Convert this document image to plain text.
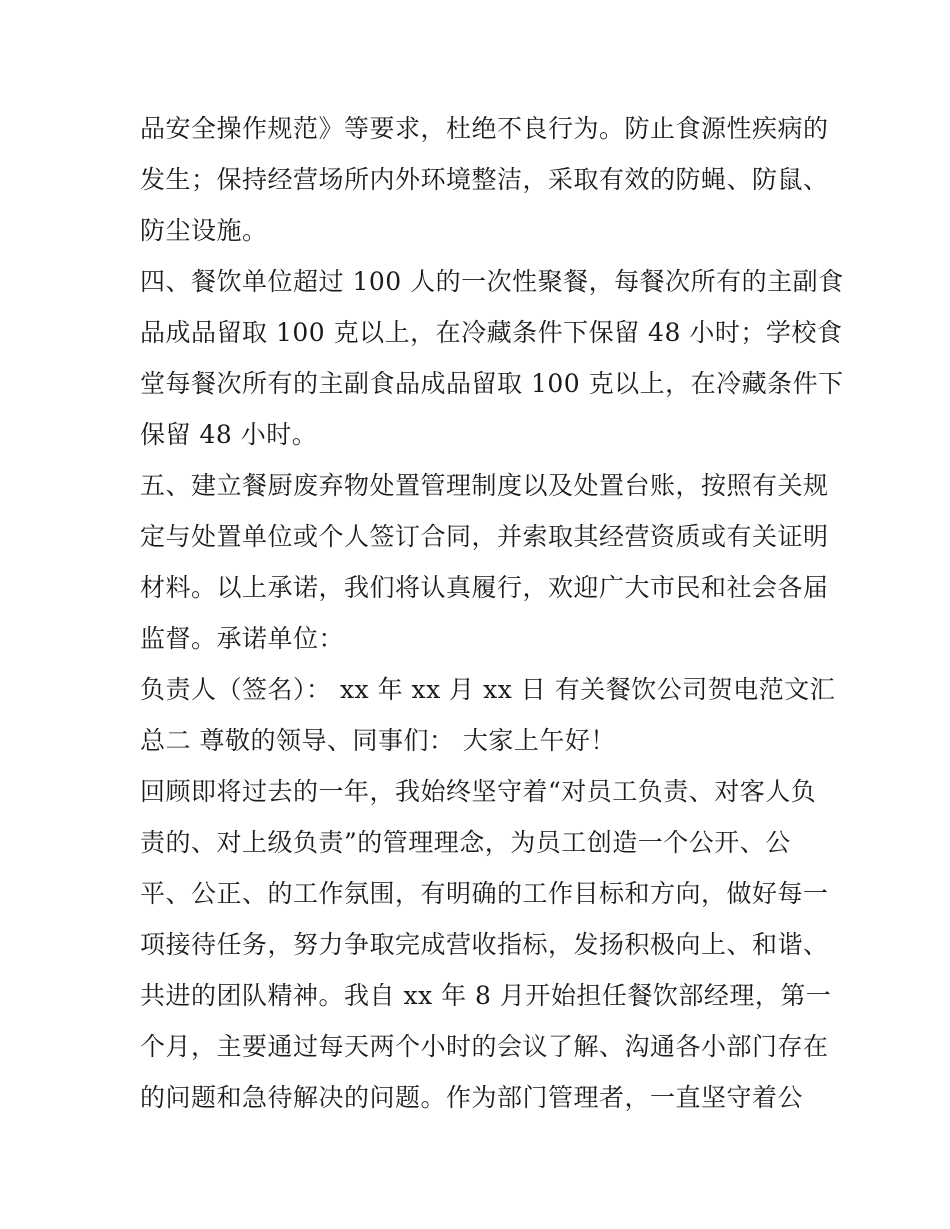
品安全操作规范》等要求，杜绝不良行为。防止食源性疾病的
发生；保持经营场所内外环境整洁，采取有效的防蝇、防鼠、
防尘设施。
四、餐饮单位超过 100 人的一次性聚餐，每餐次所有的主副食
品成品留取 100 克以上，在冷藏条件下保留 48 小时；学校食
堂每餐次所有的主副食品成品留取 100 克以上，在冷藏条件下
保留 48 小时。
五、建立餐厨废弃物处置管理制度以及处置台账，按照有关规
定与处置单位或个人签订合同，并索取其经营资质或有关证明
材料。以上承诺，我们将认真履行，欢迎广大市民和社会各届
监督。承诺单位：
负责人（签名）： xx 年 xx 月 xx 日 有关餐饮公司贺电范文汇
总二 尊敬的领导、同事们： 大家上午好！
回顾即将过去的一年，我始终坚守着“对员工负责、对客人负
责的、对上级负责”的管理理念，为员工创造一个公开、公
平、公正、的工作氛围，有明确的工作目标和方向，做好每一
项接待任务，努力争取完成营收指标，发扬积极向上、和谐、
共进的团队精神。我自 xx 年 8 月开始担任餐饮部经理，第一
个月，主要通过每天两个小时的会议了解、沟通各小部门存在
的问题和急待解决的问题。作为部门管理者，一直坚守着公
